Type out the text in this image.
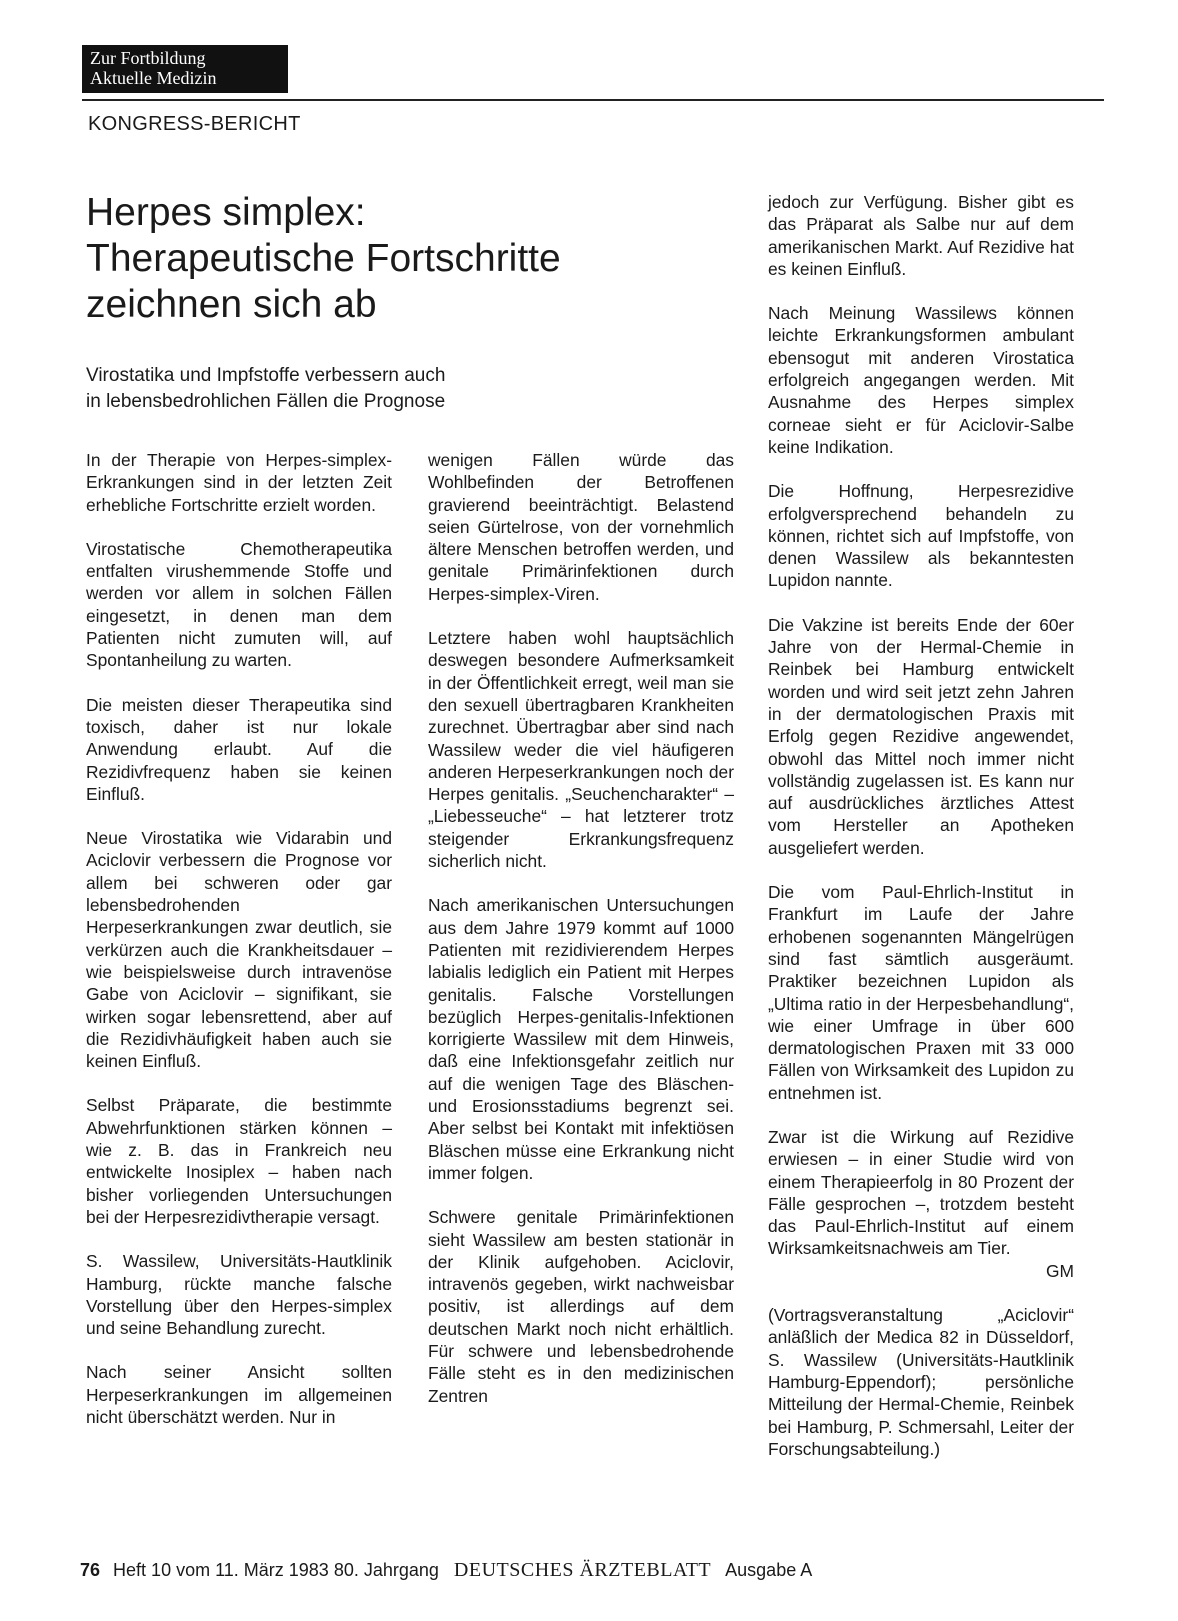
Zur Fortbildung
Aktuelle Medizin
KONGRESS-BERICHT
Herpes simplex:
Therapeutische Fortschritte
zeichnen sich ab
Virostatika und Impfstoffe verbessern auch
in lebensbedrohlichen Fällen die Prognose

In der Therapie von Herpes-simplex-Erkrankungen sind in der letzten Zeit erhebliche Fortschritte erzielt worden.

Virostatische Chemotherapeutika entfalten virushemmende Stoffe und werden vor allem in solchen Fällen eingesetzt, in denen man dem Patienten nicht zumuten will, auf Spontanheilung zu warten.

Die meisten dieser Therapeutika sind toxisch, daher ist nur lokale Anwendung erlaubt. Auf die Rezidivfrequenz haben sie keinen Einfluß.

Neue Virostatika wie Vidarabin und Aciclovir verbessern die Prognose vor allem bei schweren oder gar lebensbedrohenden Herpeserkrankungen zwar deutlich, sie verkürzen auch die Krankheitsdauer – wie beispielsweise durch intravenöse Gabe von Aciclovir – signifikant, sie wirken sogar lebensrettend, aber auf die Rezidivhäufigkeit haben auch sie keinen Einfluß.

Selbst Präparate, die bestimmte Abwehrfunktionen stärken können – wie z. B. das in Frankreich neu entwickelte Inosiplex – haben nach bisher vorliegenden Untersuchungen bei der Herpesrezidivtherapie versagt.

S. Wassilew, Universitäts-Hautklinik Hamburg, rückte manche falsche Vorstellung über den Herpes-simplex und seine Behandlung zurecht.

Nach seiner Ansicht sollten Herpeserkrankungen im allgemeinen nicht überschätzt werden. Nur in

wenigen Fällen würde das Wohlbefinden der Betroffenen gravierend beeinträchtigt. Belastend seien Gürtelrose, von der vornehmlich ältere Menschen betroffen werden, und genitale Primärinfektionen durch Herpes-simplex-Viren.

Letztere haben wohl hauptsächlich deswegen besondere Aufmerksamkeit in der Öffentlichkeit erregt, weil man sie den sexuell übertragbaren Krankheiten zurechnet. Übertragbar aber sind nach Wassilew weder die viel häufigeren anderen Herpeserkrankungen noch der Herpes genitalis. „Seuchencharakter“ – „Liebesseuche“ – hat letzterer trotz steigender Erkrankungsfrequenz sicherlich nicht.

Nach amerikanischen Untersuchungen aus dem Jahre 1979 kommt auf 1000 Patienten mit rezidivierendem Herpes labialis lediglich ein Patient mit Herpes genitalis. Falsche Vorstellungen bezüglich Herpes-genitalis-Infektionen korrigierte Wassilew mit dem Hinweis, daß eine Infektionsgefahr zeitlich nur auf die wenigen Tage des Bläschen- und Erosionsstadiums begrenzt sei. Aber selbst bei Kontakt mit infektiösen Bläschen müsse eine Erkrankung nicht immer folgen.

Schwere genitale Primärinfektionen sieht Wassilew am besten stationär in der Klinik aufgehoben. Aciclovir, intravenös gegeben, wirkt nachweisbar positiv, ist allerdings auf dem deutschen Markt noch nicht erhältlich. Für schwere und lebensbedrohende Fälle steht es in den medizinischen Zentren

jedoch zur Verfügung. Bisher gibt es das Präparat als Salbe nur auf dem amerikanischen Markt. Auf Rezidive hat es keinen Einfluß.

Nach Meinung Wassilews können leichte Erkrankungsformen ambulant ebensogut mit anderen Virostatica erfolgreich angegangen werden. Mit Ausnahme des Herpes simplex corneae sieht er für Aciclovir-Salbe keine Indikation.

Die Hoffnung, Herpesrezidive erfolgversprechend behandeln zu können, richtet sich auf Impfstoffe, von denen Wassilew als bekanntesten Lupidon nannte.

Die Vakzine ist bereits Ende der 60er Jahre von der Hermal-Chemie in Reinbek bei Hamburg entwickelt worden und wird seit jetzt zehn Jahren in der dermatologischen Praxis mit Erfolg gegen Rezidive angewendet, obwohl das Mittel noch immer nicht vollständig zugelassen ist. Es kann nur auf ausdrückliches ärztliches Attest vom Hersteller an Apotheken ausgeliefert werden.

Die vom Paul-Ehrlich-Institut in Frankfurt im Laufe der Jahre erhobenen sogenannten Mängelrügen sind fast sämtlich ausgeräumt. Praktiker bezeichnen Lupidon als „Ultima ratio in der Herpesbehandlung“, wie einer Umfrage in über 600 dermatologischen Praxen mit 33 000 Fällen von Wirksamkeit des Lupidon zu entnehmen ist.

Zwar ist die Wirkung auf Rezidive erwiesen – in einer Studie wird von einem Therapieerfolg in 80 Prozent der Fälle gesprochen –, trotzdem besteht das Paul-Ehrlich-Institut auf einem Wirksamkeitsnachweis am Tier.

GM

(Vortragsveranstaltung „Aciclovir“ anläßlich der Medica 82 in Düsseldorf, S. Wassilew (Universitäts-Hautklinik Hamburg-Eppendorf); persönliche Mitteilung der Hermal-Chemie, Reinbek bei Hamburg, P. Schmersahl, Leiter der Forschungsabteilung.)

76 Heft 10 vom 11. März 1983 80. Jahrgang DEUTSCHES ÄRZTEBLATT Ausgabe A
